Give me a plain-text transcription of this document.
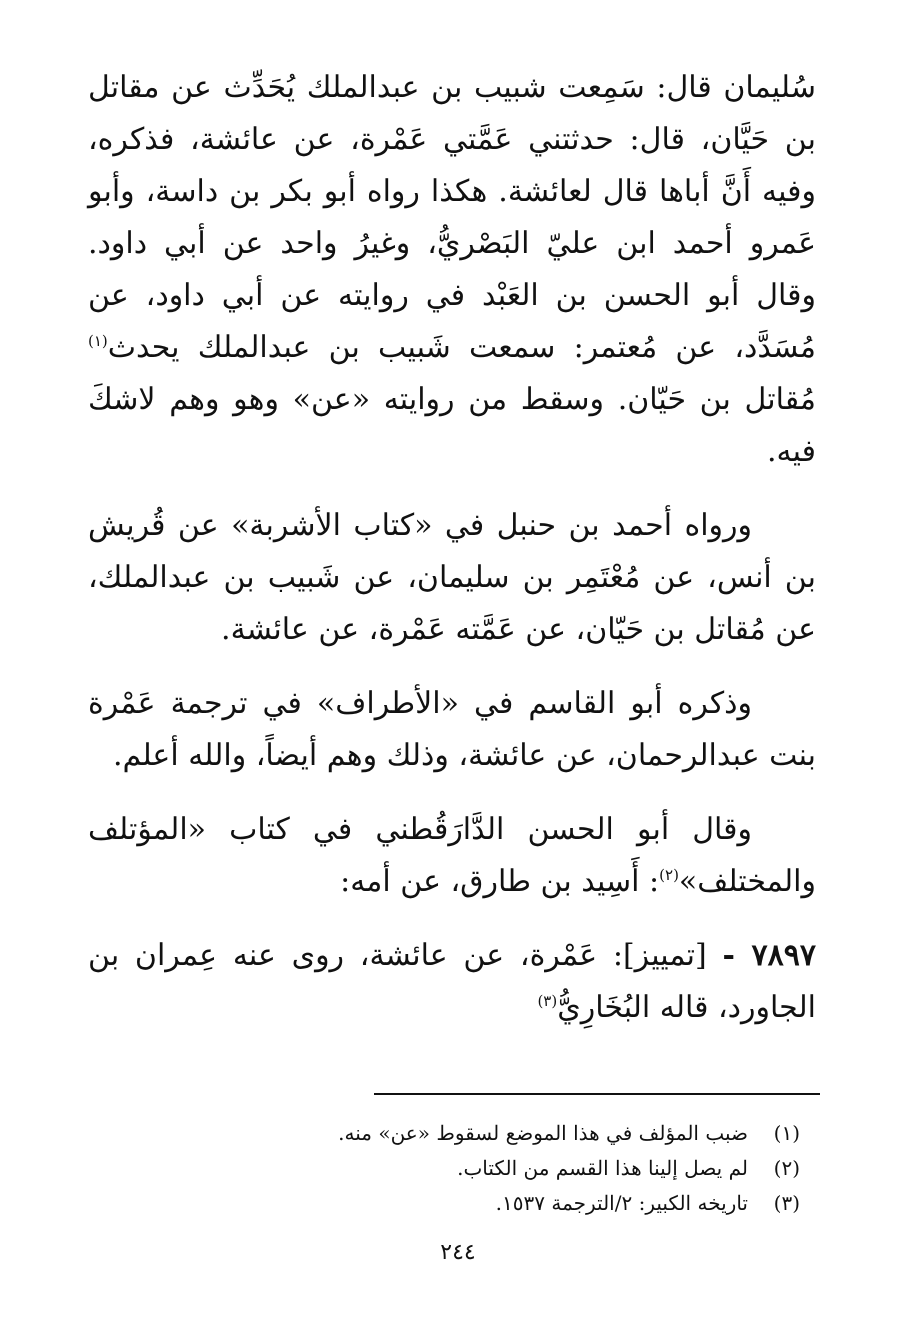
سُليمان قال: سَمِعت شبيب بن عبدالملك يُحَدِّث عن مقاتل بن حَيَّان، قال: حدثتني عَمَّتي عَمْرة، عن عائشة، فذكره، وفيه أَنَّ أباها قال لعائشة. هكذا رواه أبو بكر بن داسة، وأبو عَمرو أحمد ابن عليّ البَصْريُّ، وغيرُ واحد عن أبي داود. وقال أبو الحسن بن العَبْد في روايته عن أبي داود، عن مُسَدَّد، عن مُعتمر: سمعت شَبيب بن عبدالملك يحدث$^{(١)}$ مُقاتل بن حَيّان. وسقط من روايته «عن» وهو وهم لاشكَ فيه.

ورواه أحمد بن حنبل في «كتاب الأشربة» عن قُريش بن أنس، عن مُعْتَمِر بن سليمان، عن شَبيب بن عبدالملك، عن مُقاتل بن حَيّان، عن عَمَّته عَمْرة، عن عائشة.

وذكره أبو القاسم في «الأطراف» في ترجمة عَمْرة بنت عبدالرحمان، عن عائشة، وذلك وهم أيضاً، والله أعلم.

وقال أبو الحسن الدَّارَقُطني في كتاب «المؤتلف والمختلف»$^{(٢)}$: أَسِيد بن طارق، عن أمه:

٧٨٩٧ - [تمييز]: عَمْرة، عن عائشة، روى عنه عِمران بن الجاورد، قاله البُخَارِيُّ$^{(٣)}$

(١)
ضبب المؤلف في هذا الموضع لسقوط «عن» منه.
(٢)
لم يصل إلينا هذا القسم من الكتاب.
(٣)
تاريخه الكبير: ٢/الترجمة ١٥٣٧.
٢٤٤
